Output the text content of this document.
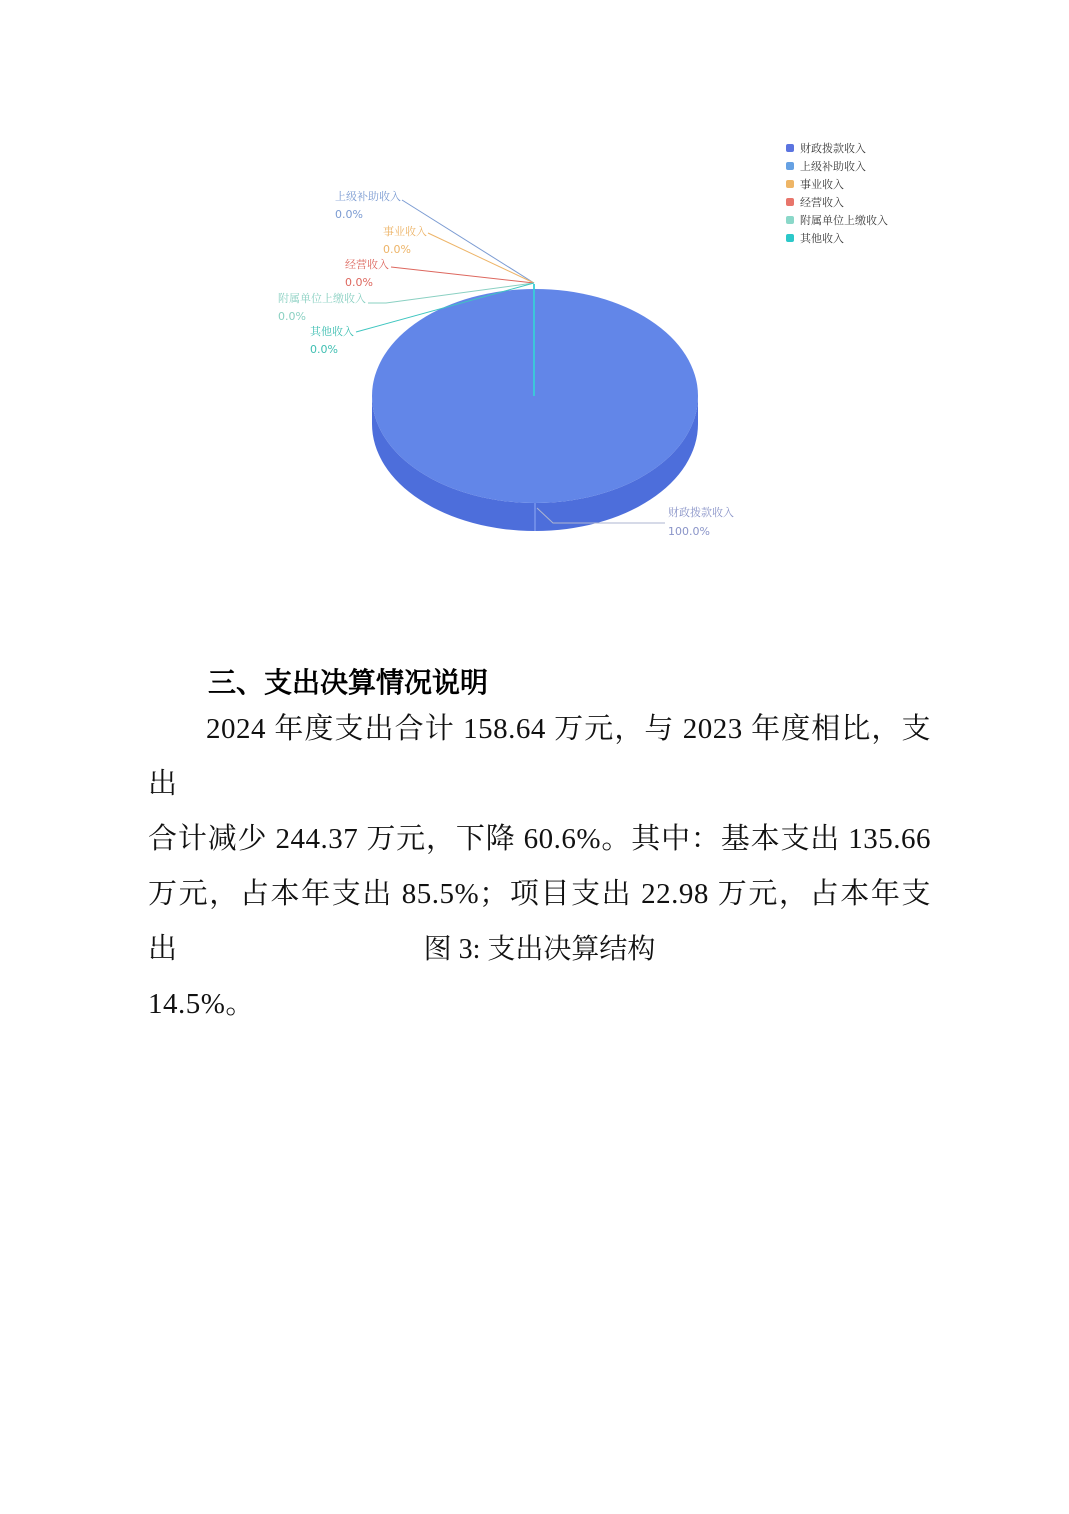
上级补助收入
0.0%
事业收入
0.0%
经营收入
0.0%
附属单位上缴收入
0.0%
其他收入
0.0%
财政拨款收入
100.0%
财政拨款收入
上级补助收入
事业收入
经营收入
附属单位上缴收入
其他收入
三、支出决算情况说明
2024 年度支出合计 158.64 万元，与 2023 年度相比，支出
合计减少 244.37 万元，下降 60.6%。其中：基本支出 135.66
万元，占本年支出 85.5%；项目支出 22.98 万元，占本年支出
14.5%。
图 3: 支出决算结构
